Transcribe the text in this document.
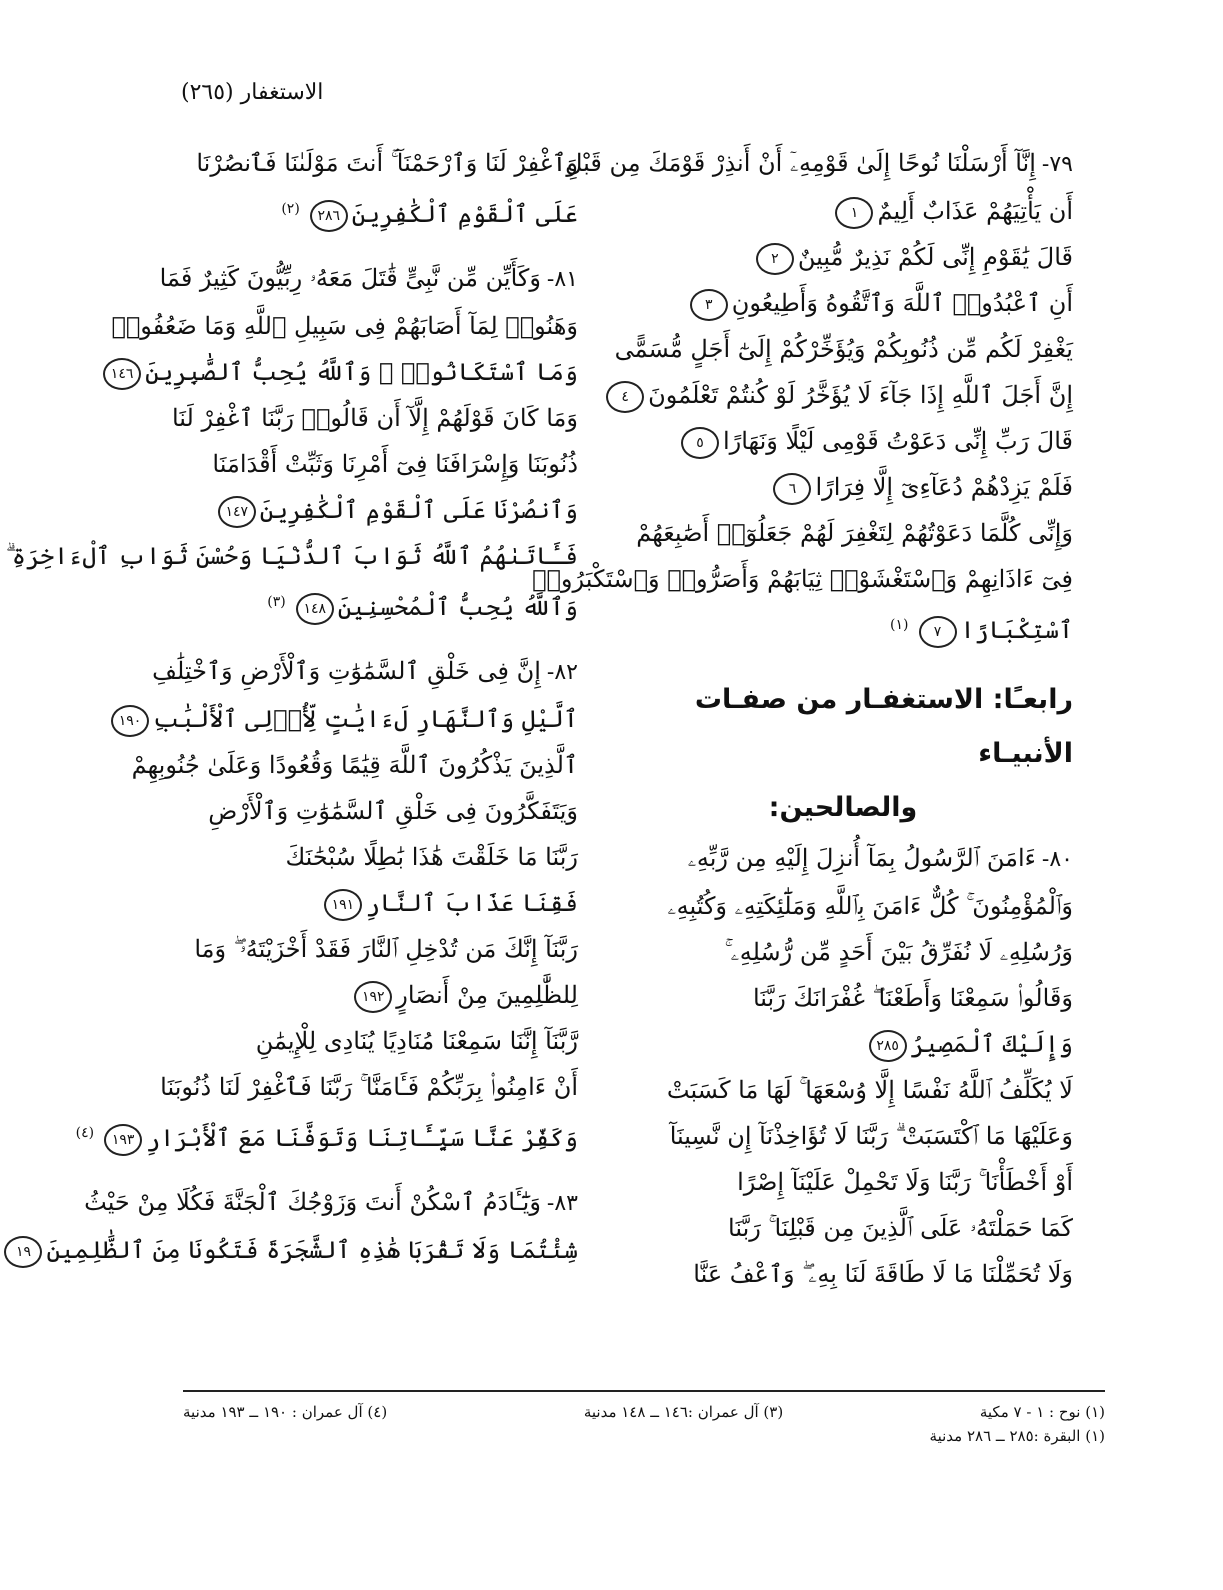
الاستغفار (٢٦٥)
٧٩-إِنَّآ أَرْسَلْنَا نُوحًا إِلَىٰ قَوْمِهِۦٓ أَنْ أَنذِرْ قَوْمَكَ مِن قَبْلِ
أَن يَأْتِيَهُمْ عَذَابٌ أَلِيمٌ١
قَالَ يَٰقَوْمِ إِنِّى لَكُمْ نَذِيرٌ مُّبِينٌ٢
أَنِ ٱعْبُدُوا۟ ٱللَّهَ وَٱتَّقُوهُ وَأَطِيعُونِ٣
يَغْفِرْ لَكُم مِّن ذُنُوبِكُمْ وَيُؤَخِّرْكُمْ إِلَىٰٓ أَجَلٍ مُّسَمًّى
إِنَّ أَجَلَ ٱللَّهِ إِذَا جَآءَ لَا يُؤَخَّرُ لَوْ كُنتُمْ تَعْلَمُونَ٤
قَالَ رَبِّ إِنِّى دَعَوْتُ قَوْمِى لَيْلًا وَنَهَارًا٥
فَلَمْ يَزِدْهُمْ دُعَآءِىٓ إِلَّا فِرَارًا٦
وَإِنِّى كُلَّمَا دَعَوْتُهُمْ لِتَغْفِرَ لَهُمْ جَعَلُوٓا۟ أَصَٰبِعَهُمْ
فِىٓ ءَاذَانِهِمْ وَٱسْتَغْشَوْا۟ ثِيَابَهُمْ وَأَصَرُّوا۟ وَٱسْتَكْبَرُوا۟
ٱسْتِكْبَارًا٧$^{(١)}$
رابعـًا: الاستغفـار من صفـات الأنبيـاء
والصالحين:
٨٠-ءَامَنَ ٱلرَّسُولُ بِمَآ أُنزِلَ إِلَيْهِ مِن رَّبِّهِۦ
وَٱلْمُؤْمِنُونَ ۚ كُلٌّ ءَامَنَ بِٱللَّهِ وَمَلَٰٓئِكَتِهِۦ وَكُتُبِهِۦ
وَرُسُلِهِۦ لَا نُفَرِّقُ بَيْنَ أَحَدٍ مِّن رُّسُلِهِۦ ۚ
وَقَالُوا۟ سَمِعْنَا وَأَطَعْنَا ۖ غُفْرَانَكَ رَبَّنَا
وَإِلَيْكَ ٱلْمَصِيرُ٢٨٥
لَا يُكَلِّفُ ٱللَّهُ نَفْسًا إِلَّا وُسْعَهَا ۚ لَهَا مَا كَسَبَتْ
وَعَلَيْهَا مَا ٱكْتَسَبَتْ ۗ رَبَّنَا لَا تُؤَاخِذْنَآ إِن نَّسِينَآ
أَوْ أَخْطَأْنَا ۚ رَبَّنَا وَلَا تَحْمِلْ عَلَيْنَآ إِصْرًا
كَمَا حَمَلْتَهُۥ عَلَى ٱلَّذِينَ مِن قَبْلِنَا ۚ رَبَّنَا
وَلَا تُحَمِّلْنَا مَا لَا طَاقَةَ لَنَا بِهِۦ ۖ وَٱعْفُ عَنَّا
وَٱغْفِرْ لَنَا وَٱرْحَمْنَآ ۚ أَنتَ مَوْلَىٰنَا فَٱنصُرْنَا
عَلَى ٱلْقَوْمِ ٱلْكَٰفِرِينَ٢٨٦$^{(٢)}$
٨١-وَكَأَيِّن مِّن نَّبِىٍّ قَٰتَلَ مَعَهُۥ رِبِّيُّونَ كَثِيرٌ فَمَا
وَهَنُوا۟ لِمَآ أَصَابَهُمْ فِى سَبِيلِ ٱللَّهِ وَمَا ضَعُفُوا۟
وَمَا ٱسْتَكَانُوا۟ ۗ وَٱللَّهُ يُحِبُّ ٱلصَّٰبِرِينَ١٤٦
وَمَا كَانَ قَوْلَهُمْ إِلَّآ أَن قَالُوا۟ رَبَّنَا ٱغْفِرْ لَنَا
ذُنُوبَنَا وَإِسْرَافَنَا فِىٓ أَمْرِنَا وَثَبِّتْ أَقْدَامَنَا
وَٱنصُرْنَا عَلَى ٱلْقَوْمِ ٱلْكَٰفِرِينَ١٤٧
فَـَٔاتَىٰهُمُ ٱللَّهُ ثَوَابَ ٱلدُّنْيَا وَحُسْنَ ثَوَابِ ٱلْءَاخِرَةِ ۗ
وَٱللَّهُ يُحِبُّ ٱلْمُحْسِنِينَ١٤٨$^{(٣)}$
٨٢-إِنَّ فِى خَلْقِ ٱلسَّمَٰوَٰتِ وَٱلْأَرْضِ وَٱخْتِلَٰفِ
ٱلَّيْلِ وَٱلنَّهَارِ لَءَايَٰتٍ لِّأُو۟لِى ٱلْأَلْبَٰبِ١٩٠
ٱلَّذِينَ يَذْكُرُونَ ٱللَّهَ قِيَٰمًا وَقُعُودًا وَعَلَىٰ جُنُوبِهِمْ
وَيَتَفَكَّرُونَ فِى خَلْقِ ٱلسَّمَٰوَٰتِ وَٱلْأَرْضِ
رَبَّنَا مَا خَلَقْتَ هَٰذَا بَٰطِلًا سُبْحَٰنَكَ
فَقِنَا عَذَابَ ٱلنَّارِ١٩١
رَبَّنَآ إِنَّكَ مَن تُدْخِلِ ٱلنَّارَ فَقَدْ أَخْزَيْتَهُۥ ۖ وَمَا
لِلظَّٰلِمِينَ مِنْ أَنصَارٍ١٩٢
رَّبَّنَآ إِنَّنَا سَمِعْنَا مُنَادِيًا يُنَادِى لِلْإِيمَٰنِ
أَنْ ءَامِنُوا۟ بِرَبِّكُمْ فَـَٔامَنَّا ۚ رَبَّنَا فَٱغْفِرْ لَنَا ذُنُوبَنَا
وَكَفِّرْ عَنَّا سَيِّـَٔاتِنَا وَتَوَفَّنَا مَعَ ٱلْأَبْرَارِ١٩٣$^{(٤)}$
٨٣-وَيَٰٓـَٔادَمُ ٱسْكُنْ أَنتَ وَزَوْجُكَ ٱلْجَنَّةَ فَكُلَا مِنْ حَيْثُ
شِئْتُمَا وَلَا تَقْرَبَا هَٰذِهِ ٱلشَّجَرَةَ فَتَكُونَا مِنَ ٱلظَّٰلِمِينَ١٩
(١) نوح : ١ - ٧ مكية
(٣) آل عمران :١٤٦ ــ ١٤٨ مدنية
(٤) آل عمران : ١٩٠ ــ ١٩٣ مدنية
(١) البقرة :٢٨٥ ــ ٢٨٦ مدنية
